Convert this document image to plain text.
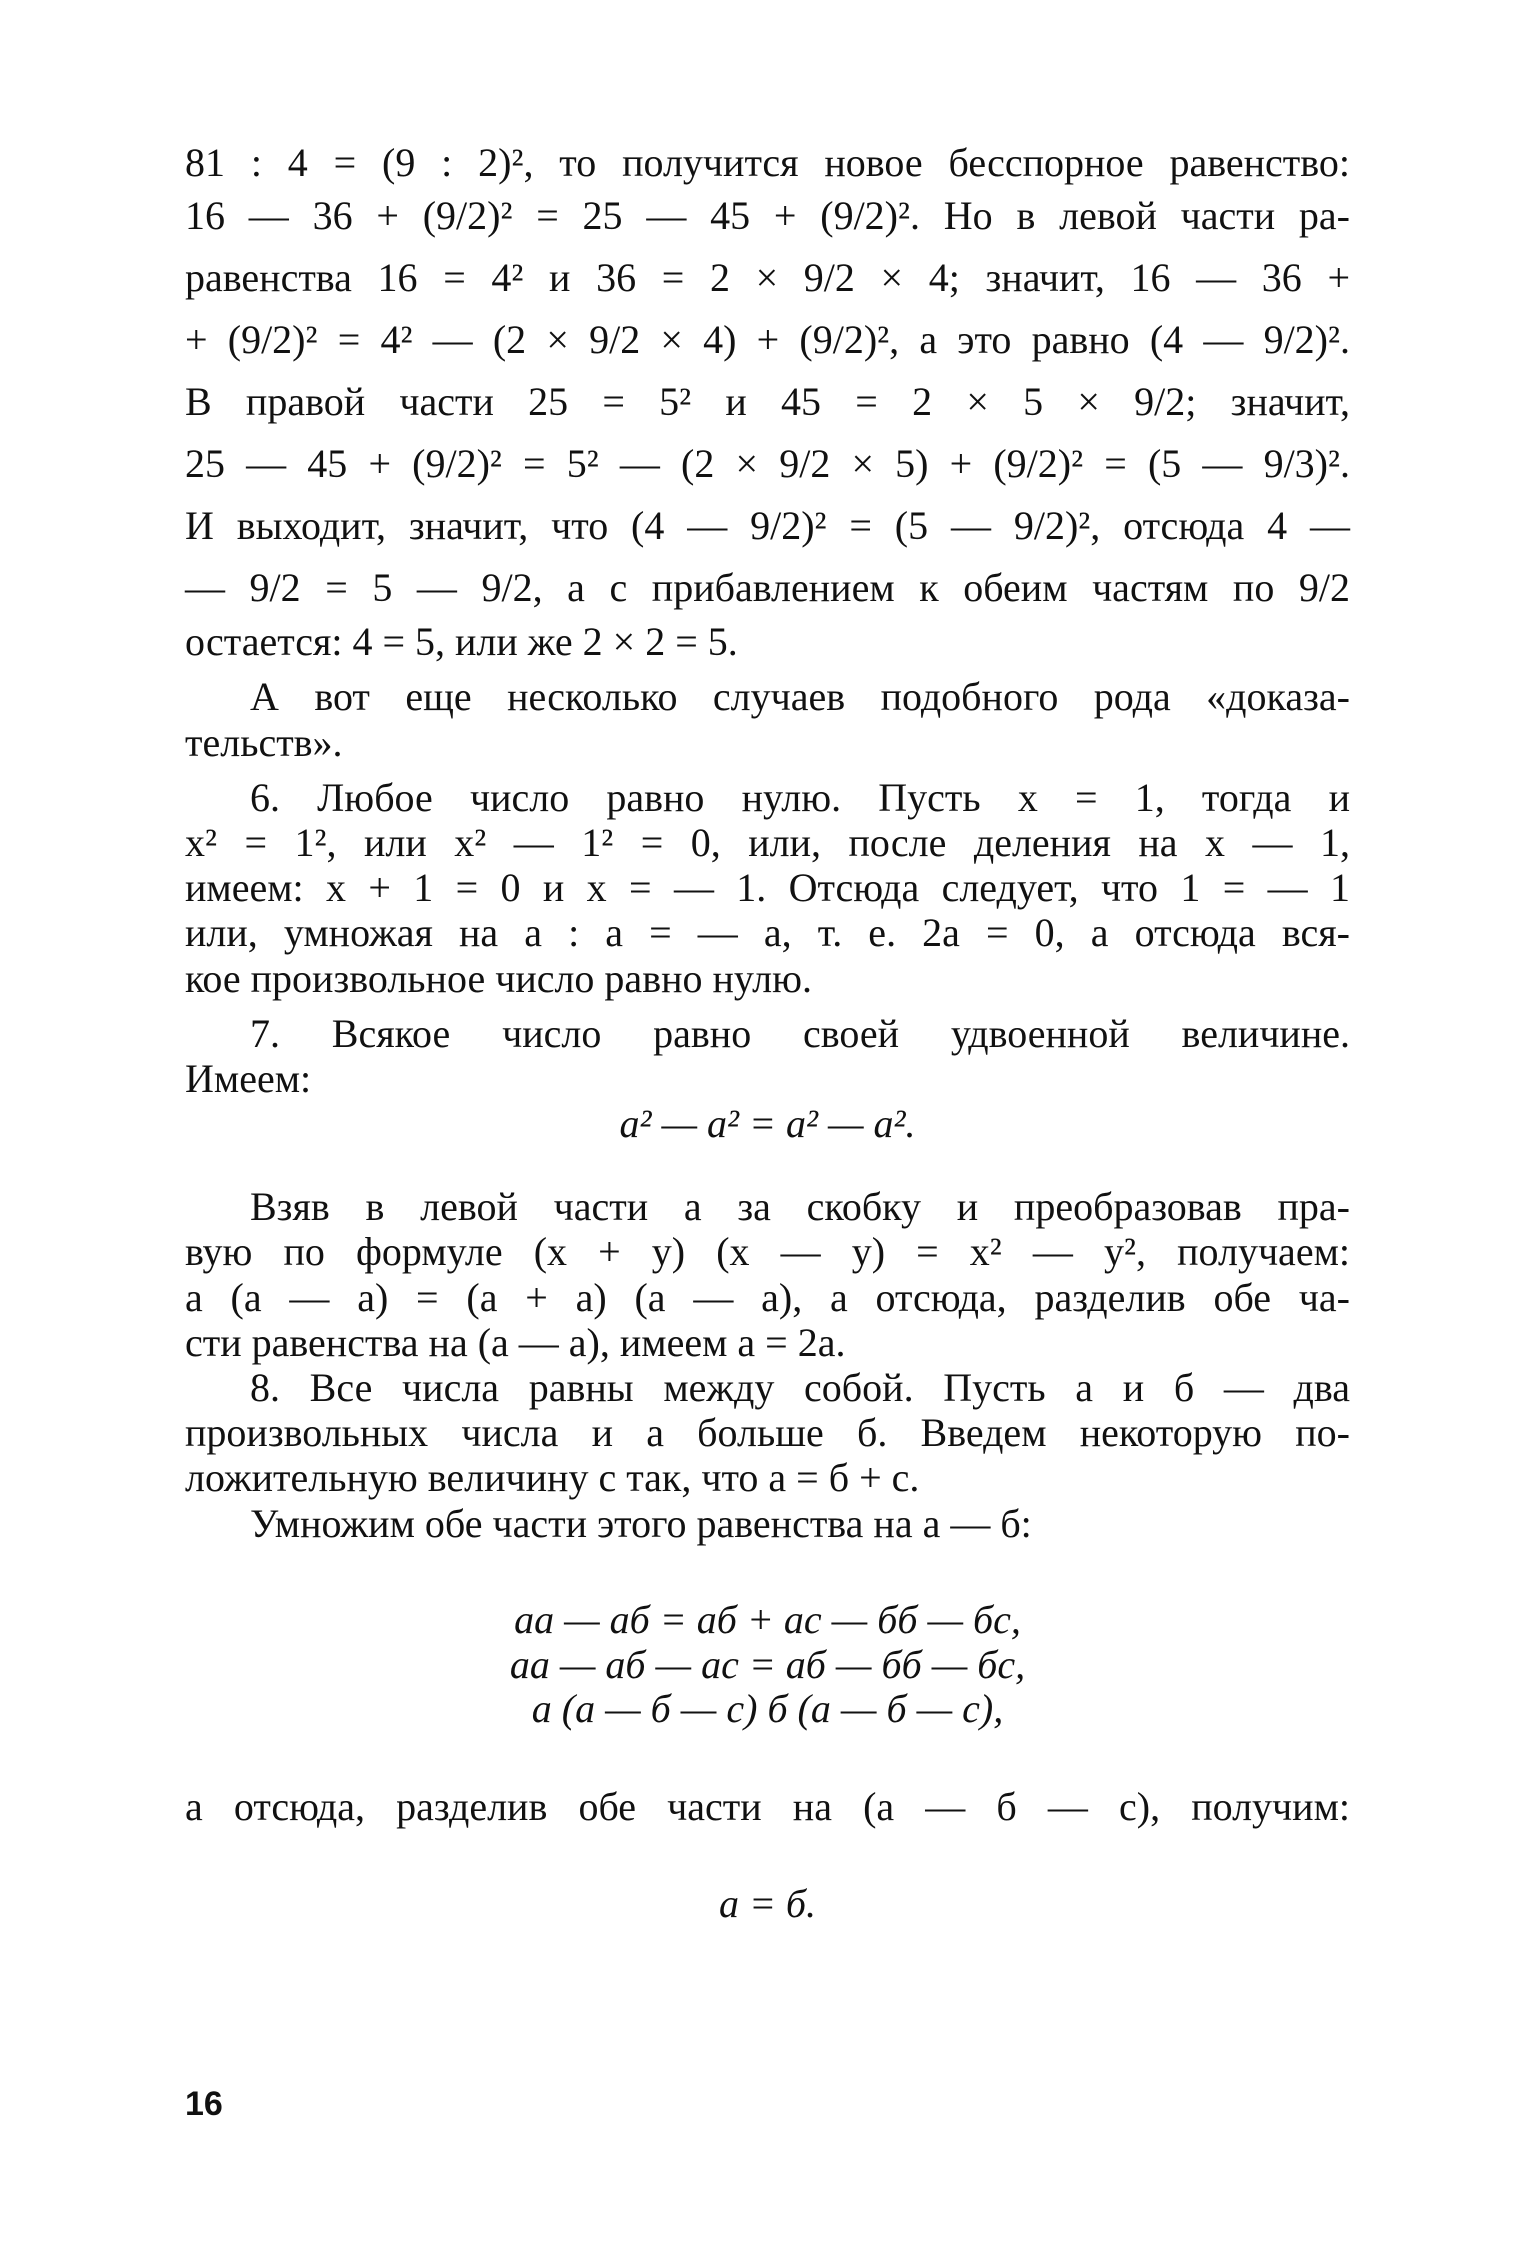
81 : 4 = (9 : 2)², то получится новое бесспорное равенство:

16 — 36 + (9/2)² = 25 — 45 + (9/2)². Но в левой части ра-

равенства 16 = 4² и 36 = 2 × 9/2 × 4; значит, 16 — 36 +

+ (9/2)² = 4² — (2 × 9/2 × 4) + (9/2)², а это равно (4 — 9/2)².

В правой части 25 = 5² и 45 = 2 × 5 × 9/2; значит,

25 — 45 + (9/2)² = 5² — (2 × 9/2 × 5) + (9/2)² = (5 — 9/3)².

И выходит, значит, что (4 — 9/2)² = (5 — 9/2)², отсюда 4 —

— 9/2 = 5 — 9/2, а с прибавлением к обеим частям по 9/2

остается: 4 = 5, или же 2 × 2 = 5.

А вот еще несколько случаев подобного рода «доказа-

тельств».

6. Любое число равно нулю. Пусть x = 1, тогда и

x² = 1², или x² — 1² = 0, или, после деления на x — 1,

имеем: x + 1 = 0 и x = — 1. Отсюда следует, что 1 = — 1

или, умножая на a : a = — a, т. е. 2a = 0, а отсюда вся-

кое произвольное число равно нулю.

7. Всякое число равно своей удвоенной величине.

Имеем:

a² — a² = a² — a².

Взяв в левой части a за скобку и преобразовав пра-

вую по формуле (x + y) (x — y) = x² — y², получаем:

a (a — a) = (a + a) (a — a), а отсюда, разделив обе ча-

сти равенства на (a — a), имеем a = 2a.

8. Все числа равны между собой. Пусть a и б — два

произвольных числа и a больше б. Введем некоторую по-

ложительную величину c так, что a = б + c.

Умножим обе части этого равенства на a — б:

aa — aб = aб + ac — бб — бc,
aa — aб — ac = aб — бб — бc,
a (a — б — c) б (a — б — c),

а отсюда, разделив обе части на (a — б — c), получим:

a = б.

16
